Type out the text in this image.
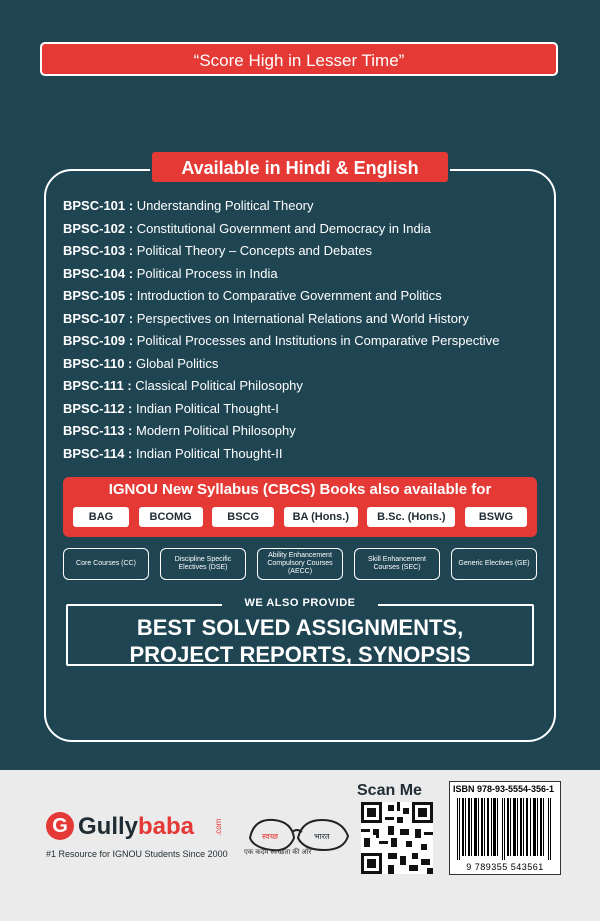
“Score High in Lesser Time”
Available in Hindi & English
BPSC-101 : Understanding Political Theory
BPSC-102 : Constitutional Government and Democracy in India
BPSC-103 : Political Theory – Concepts and Debates
BPSC-104 : Political Process in India
BPSC-105 : Introduction to Comparative Government and Politics
BPSC-107 : Perspectives on International Relations and World History
BPSC-109 : Political Processes and Institutions in Comparative Perspective
BPSC-110 : Global Politics
BPSC-111 : Classical Political Philosophy
BPSC-112 : Indian Political Thought-I
BPSC-113 : Modern Political Philosophy
BPSC-114 : Indian Political Thought-II
IGNOU New Syllabus (CBCS) Books also available for
BAG	BCOMG	BSCG	BA (Hons.)	B.Sc. (Hons.)	BSWG
Core Courses (CC)
Discipline Specific Electives (DSE)
Ability Enhancement Compulsory Courses (AECC)
Skill Enhancement Courses (SEC)
Generic Electives (GE)
WE ALSO PROVIDE
BEST SOLVED ASSIGNMENTS,
PROJECT REPORTS, SYNOPSIS
G Gullybaba .com
#1 Resource for IGNOU Students Since 2000
स्वच्छ	भारत
एक कदम स्वच्छता की ओर
Scan Me	ISBN 978-93-5554-356-1
9 789355 543561
